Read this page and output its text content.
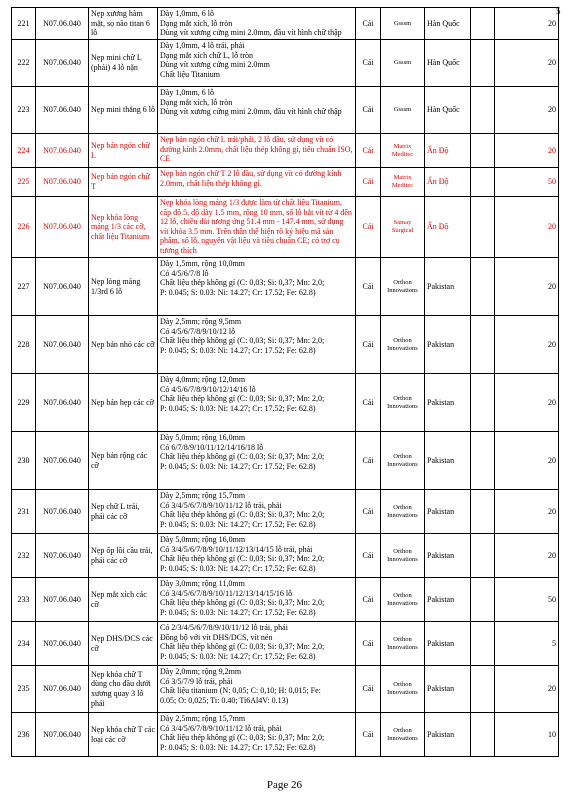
5
221	N07.06.040	Nẹp xương hàm mặt, sọ não titan 6 lỗ	Dày 1,0mm, 6 lỗ
Dạng mắt xích, lỗ tròn
Dùng vít xương cứng mini 2.0mm, đầu vít hình chữ thập	Cái	Gsssm	Hàn Quốc		20
222	N07.06.040	Nẹp mini chữ L (phải) 4 lỗ nặn	Dày 1,0mm, 4 lỗ trái, phải
Dạng mắt xích chữ L, lỗ tròn
Dùng vít xương cứng mini 2.0mm
Chất liệu Titanium	Cái	Gsssm	Hàn Quốc		20
223	N07.06.040	Nẹp mini thẳng 6 lỗ	Dày 1,0mm, 6 lỗ
Dạng mắt xích, lỗ tròn
Dùng vít xương cứng mini 2.0mm, đầu vít hình chữ thập	Cái	Gsssm	Hàn Quốc		20
224	N07.06.040	Nẹp bản ngón chữ L	Nẹp bản ngón chữ L trái/phải, 2 lỗ đầu, sử dụng vít có đường kính 2.0mm, chất liệu thép không gỉ, tiêu chuẩn ISO, CE	Cái	Matrix Meditec	Ấn Độ		20
225	N07.06.040	Nẹp bản ngón chữ T	Nẹp bản ngón chữ T 2 lỗ đầu, sử dụng vít có đường kính 2.0mm, chất liệu thép không gỉ.	Cái	Matrix Meditec	Ấn Độ		50
226	N07.06.040	Nẹp khóa lòng máng 1/3 các cỡ, chất liệu Titanium	Nẹp khóa lòng máng 1/3 được làm từ chất liệu Titanium, cấp độ 5, độ dày 1.5 mm, rộng 10 mm, số lỗ bắt vít từ 4 đến 12 lỗ, chiều dài tương ứng 51.4 mm - 147.4 mm, sử dụng vít khóa 3.5 mm. Trên thân thể hiện rõ ký hiệu mã sản phẩm, số lỗ, nguyên vật liệu và tiêu chuẩn CE; có trợ cụ tương thích	Cái	Samay Surgical	Ấn Độ		20
227	N07.06.040	Nẹp lòng máng 1/3rd 6 lỗ	Dày 1,5mm, rộng 10,0mm
Có 4/5/6/7/8 lỗ
Chất liệu thép không gỉ (C: 0,03; Si: 0,37; Mn: 2,0;
P: 0.045; S: 0.03: Ni: 14.27; Cr: 17.52; Fe: 62.8)	Cái	Orthon Innovations	Pakistan		20
228	N07.06.040	Nẹp bản nhỏ các cỡ	Dày 2,5mm; rộng 9,5mm
Có 4/5/6/7/8/9/10/12 lỗ
Chất liệu thép không gỉ (C: 0,03; Si: 0,37; Mn: 2,0;
P: 0.045; S: 0.03: Ni: 14.27; Cr: 17.52; Fe: 62.8)	Cái	Orthon Innovations	Pakistan		20
229	N07.06.040	Nẹp bản hẹp các cỡ	Dày 4,0mm; rộng 12,0mm
Có 4/5/6/7/8/9/10/12/14/16 lỗ
Chất liệu thép không gỉ (C: 0,03; Si: 0,37; Mn: 2,0;
P: 0.045; S: 0.03: Ni: 14.27; Cr: 17.52; Fe: 62.8)	Cái	Orthon Innovations	Pakistan		20
230	N07.06.040	Nẹp bản rộng các cỡ	Dày 5,0mm; rộng 16,0mm
Có 6/7/8/9/10/11/12/14/16/18 lỗ
Chất liệu thép không gỉ (C: 0,03; Si: 0,37; Mn: 2,0;
P: 0.045; S: 0.03: Ni: 14.27; Cr: 17.52; Fe: 62.8)	Cái	Orthon Innovations	Pakistan		20
231	N07.06.040	Nẹp chữ L trái, phải các cỡ	Dày 2,5mm; rộng 15,7mm
Có 3/4/5/6/7/8/9/10/11/12 lỗ trái, phải
Chất liệu thép không gỉ (C: 0,03; Si: 0,37; Mn: 2,0;
P: 0.045; S: 0.03: Ni: 14.27; Cr: 17.52; Fe: 62.8)	Cái	Orthon Innovations	Pakistan		20
232	N07.06.040	Nẹp ốp lồi cầu trái, phải các cỡ	Dày 5,0mm; rộng 16,0mm
Có 3/4/5/6/7/8/9/10/11/12/13/14/15 lỗ trái, phải
Chất liệu thép không gỉ (C: 0,03; Si: 0,37; Mn: 2,0;
P: 0.045; S: 0.03: Ni: 14.27; Cr: 17.52; Fe: 62.8)	Cái	Orthon Innovations	Pakistan		20
233	N07.06.040	Nẹp mắt xích các cỡ	Dày 3,0mm; rộng 11,0mm
Có 3/4/5/6/7/8/9/10/11/12/13/14/15/16 lỗ
Chất liệu thép không gỉ (C: 0,03; Si: 0,37; Mn: 2,0;
P: 0.045; S: 0.03: Ni: 14.27; Cr: 17.52; Fe: 62.8)	Cái	Orthon Innovations	Pakistan		50
234	N07.06.040	Nẹp DHS/DCS các cỡ	Có 2/3/4/5/6/7/8/9/10/11/12 lỗ trái, phải
Đồng bộ với vít DHS/DCS, vít nén
Chất liệu thép không gỉ (C: 0,03; Si: 0,37; Mn: 2,0;
P: 0.045; S: 0.03: Ni: 14.27; Cr: 17.52; Fe: 62.8)	Cái	Orthon Innovations	Pakistan		5
235	N07.06.040	Nẹp khóa chữ T dùng cho đầu dưới xương quay 3 lỗ phải	Dày 2,0mm; rộng 9,2mm
Có 3/5/7/9 lỗ trái, phải
Chất liệu titanium (N: 0,05; C: 0,10; H: 0,015; Fe:
0.05; O: 0,025; Ti: 0.40; Ti6Al4V: 0.13)	Cái	Orthon Innovations	Pakistan		20
236	N07.06.040	Nẹp khóa chữ T các loại các cỡ	Dày 2,5mm; rộng 15,7mm
Có 3/4/5/6/7/8/9/10/11/12 lỗ trái, phải
Chất liệu thép không gỉ (C: 0,03; Si: 0,37; Mn: 2,0;
P: 0.045; S: 0.03: Ni: 14.27; Cr: 17.52; Fe: 62.8)	Cái	Orthon Innovations	Pakistan		10
Page 26
